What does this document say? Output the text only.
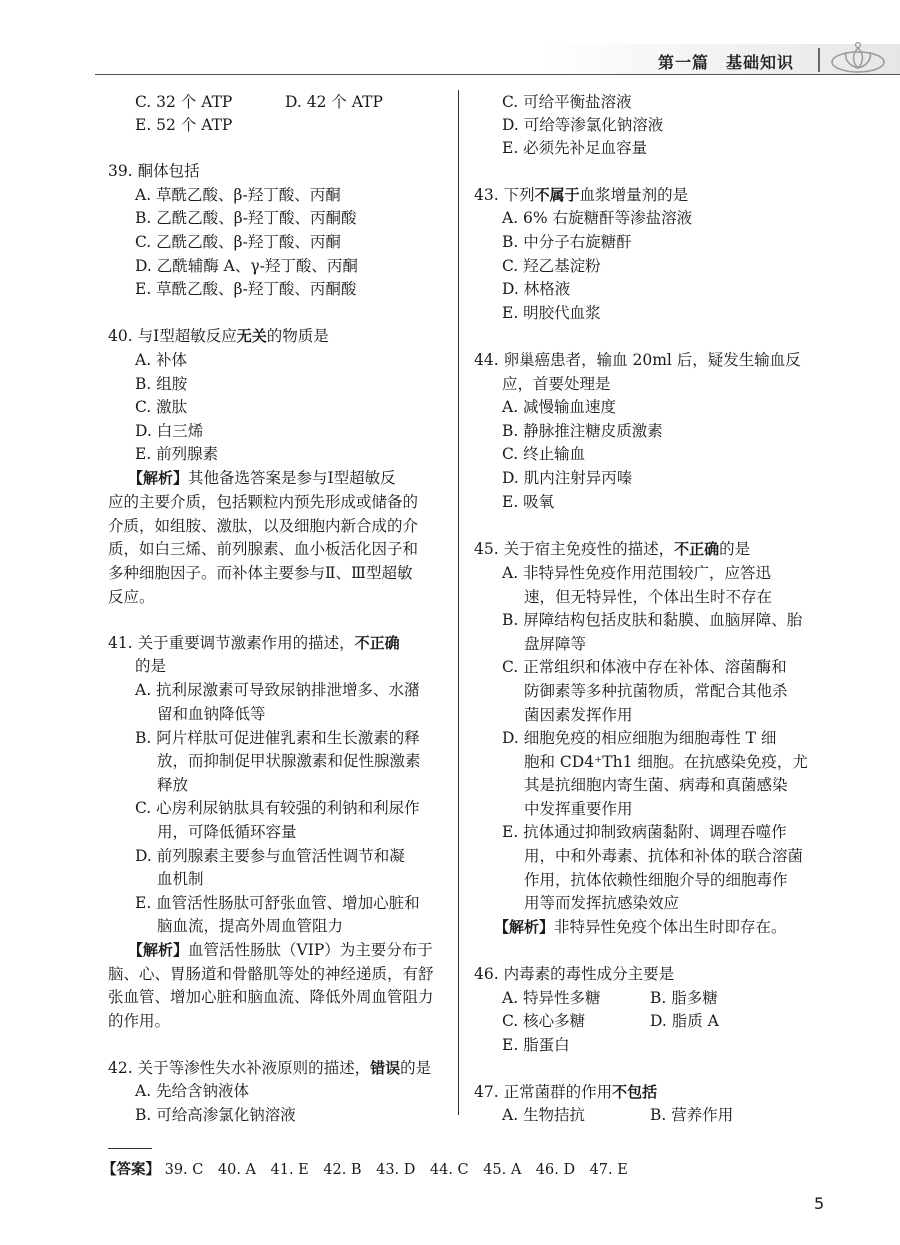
第一篇　基础知识
C. 32 个 ATP	D. 42 个 ATP
E. 52 个 ATP
39. 酮体包括
A. 草酰乙酸、β-羟丁酸、丙酮
B. 乙酰乙酸、β-羟丁酸、丙酮酸
C. 乙酰乙酸、β-羟丁酸、丙酮
D. 乙酰辅酶 A、γ-羟丁酸、丙酮
E. 草酰乙酸、β-羟丁酸、丙酮酸
40. 与Ⅰ型超敏反应无关的物质是
A. 补体
B. 组胺
C. 激肽
D. 白三烯
E. 前列腺素
【解析】其他备选答案是参与Ⅰ型超敏反
应的主要介质，包括颗粒内预先形成或储备的
介质，如组胺、激肽，以及细胞内新合成的介
质，如白三烯、前列腺素、血小板活化因子和
多种细胞因子。而补体主要参与Ⅱ、Ⅲ型超敏
反应。
41. 关于重要调节激素作用的描述，不正确
的是
A. 抗利尿激素可导致尿钠排泄增多、水潴
留和血钠降低等
B. 阿片样肽可促进催乳素和生长激素的释
放，而抑制促甲状腺激素和促性腺激素
释放
C. 心房利尿钠肽具有较强的利钠和利尿作
用，可降低循环容量
D. 前列腺素主要参与血管活性调节和凝
血机制
E. 血管活性肠肽可舒张血管、增加心脏和
脑血流，提高外周血管阻力
【解析】血管活性肠肽（VIP）为主要分布于
脑、心、胃肠道和骨骼肌等处的神经递质，有舒
张血管、增加心脏和脑血流、降低外周血管阻力
的作用。
42. 关于等渗性失水补液原则的描述，错误的是
A. 先给含钠液体
B. 可给高渗氯化钠溶液
C. 可给平衡盐溶液
D. 可给等渗氯化钠溶液
E. 必须先补足血容量
43. 下列不属于血浆增量剂的是
A. 6% 右旋糖酐等渗盐溶液
B. 中分子右旋糖酐
C. 羟乙基淀粉
D. 林格液
E. 明胶代血浆
44. 卵巢癌患者，输血 20ml 后，疑发生输血反
应，首要处理是
A. 减慢输血速度
B. 静脉推注糖皮质激素
C. 终止输血
D. 肌内注射异丙嗪
E. 吸氧
45. 关于宿主免疫性的描述，不正确的是
A. 非特异性免疫作用范围较广，应答迅
速，但无特异性，个体出生时不存在
B. 屏障结构包括皮肤和黏膜、血脑屏障、胎
盘屏障等
C. 正常组织和体液中存在补体、溶菌酶和
防御素等多种抗菌物质，常配合其他杀
菌因素发挥作用
D. 细胞免疫的相应细胞为细胞毒性 T 细
胞和 CD4⁺Th1 细胞。在抗感染免疫，尤
其是抗细胞内寄生菌、病毒和真菌感染
中发挥重要作用
E. 抗体通过抑制致病菌黏附、调理吞噬作
用，中和外毒素、抗体和补体的联合溶菌
作用，抗体依赖性细胞介导的细胞毒作
用等而发挥抗感染效应
【解析】非特异性免疫个体出生时即存在。
46. 内毒素的毒性成分主要是
A. 特异性多糖	B. 脂多糖
C. 核心多糖	D. 脂质 A
E. 脂蛋白
47. 正常菌群的作用不包括
A. 生物拮抗	B. 营养作用
【答案】 39. C　40. A　41. E　42. B　43. D　44. C　45. A　46. D　47. E
5
